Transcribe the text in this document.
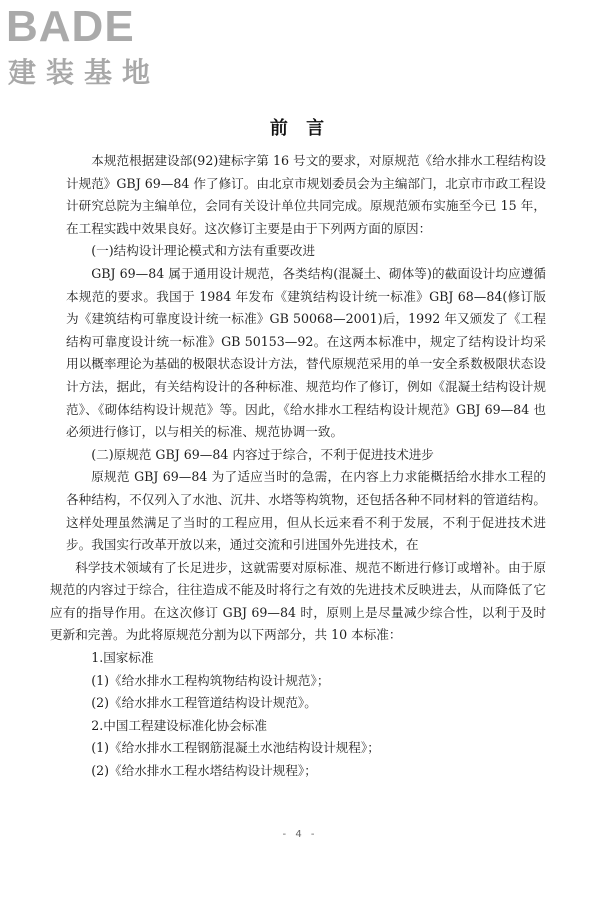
BADE
建装基地
前 言

本规范根据建设部(92)建标字第 16 号文的要求，对原规范《给水排水工程结构设计规范》GBJ 69—84 作了修订。由北京市规划委员会为主编部门，北京市市政工程设计研究总院为主编单位，会同有关设计单位共同完成。原规范颁布实施至今已 15 年，在工程实践中效果良好。这次修订主要是由于下列两方面的原因：

(一)结构设计理论模式和方法有重要改进

GBJ 69—84 属于通用设计规范，各类结构(混凝土、砌体等)的截面设计均应遵循本规范的要求。我国于 1984 年发布《建筑结构设计统一标准》GBJ 68—84(修订版为《建筑结构可靠度设计统一标准》GB 50068—2001)后，1992 年又颁发了《工程结构可靠度设计统一标准》GB 50153—92。在这两本标准中，规定了结构设计均采用以概率理论为基础的极限状态设计方法，替代原规范采用的单一安全系数极限状态设计方法，据此，有关结构设计的各种标准、规范均作了修订，例如《混凝土结构设计规范》、《砌体结构设计规范》等。因此，《给水排水工程结构设计规范》GBJ 69—84 也必须进行修订，以与相关的标准、规范协调一致。

(二)原规范 GBJ 69—84 内容过于综合，不利于促进技术进步

原规范 GBJ 69—84 为了适应当时的急需，在内容上力求能概括给水排水工程的各种结构，不仅列入了水池、沉井、水塔等构筑物，还包括各种不同材料的管道结构。这样处理虽然满足了当时的工程应用，但从长远来看不利于发展，不利于促进技术进步。我国实行改革开放以来，通过交流和引进国外先进技术，在

科学技术领域有了长足进步，这就需要对原标准、规范不断进行修订或增补。由于原规范的内容过于综合，往往造成不能及时将行之有效的先进技术反映进去，从而降低了它应有的指导作用。在这次修订 GBJ 69—84 时，原则上是尽量减少综合性，以利于及时更新和完善。为此将原规范分割为以下两部分，共 10 本标准：

1.国家标准

(1)《给水排水工程构筑物结构设计规范》；

(2)《给水排水工程管道结构设计规范》。

2.中国工程建设标准化协会标准

(1)《给水排水工程钢筋混凝土水池结构设计规程》；

(2)《给水排水工程水塔结构设计规程》；

- 4 -
